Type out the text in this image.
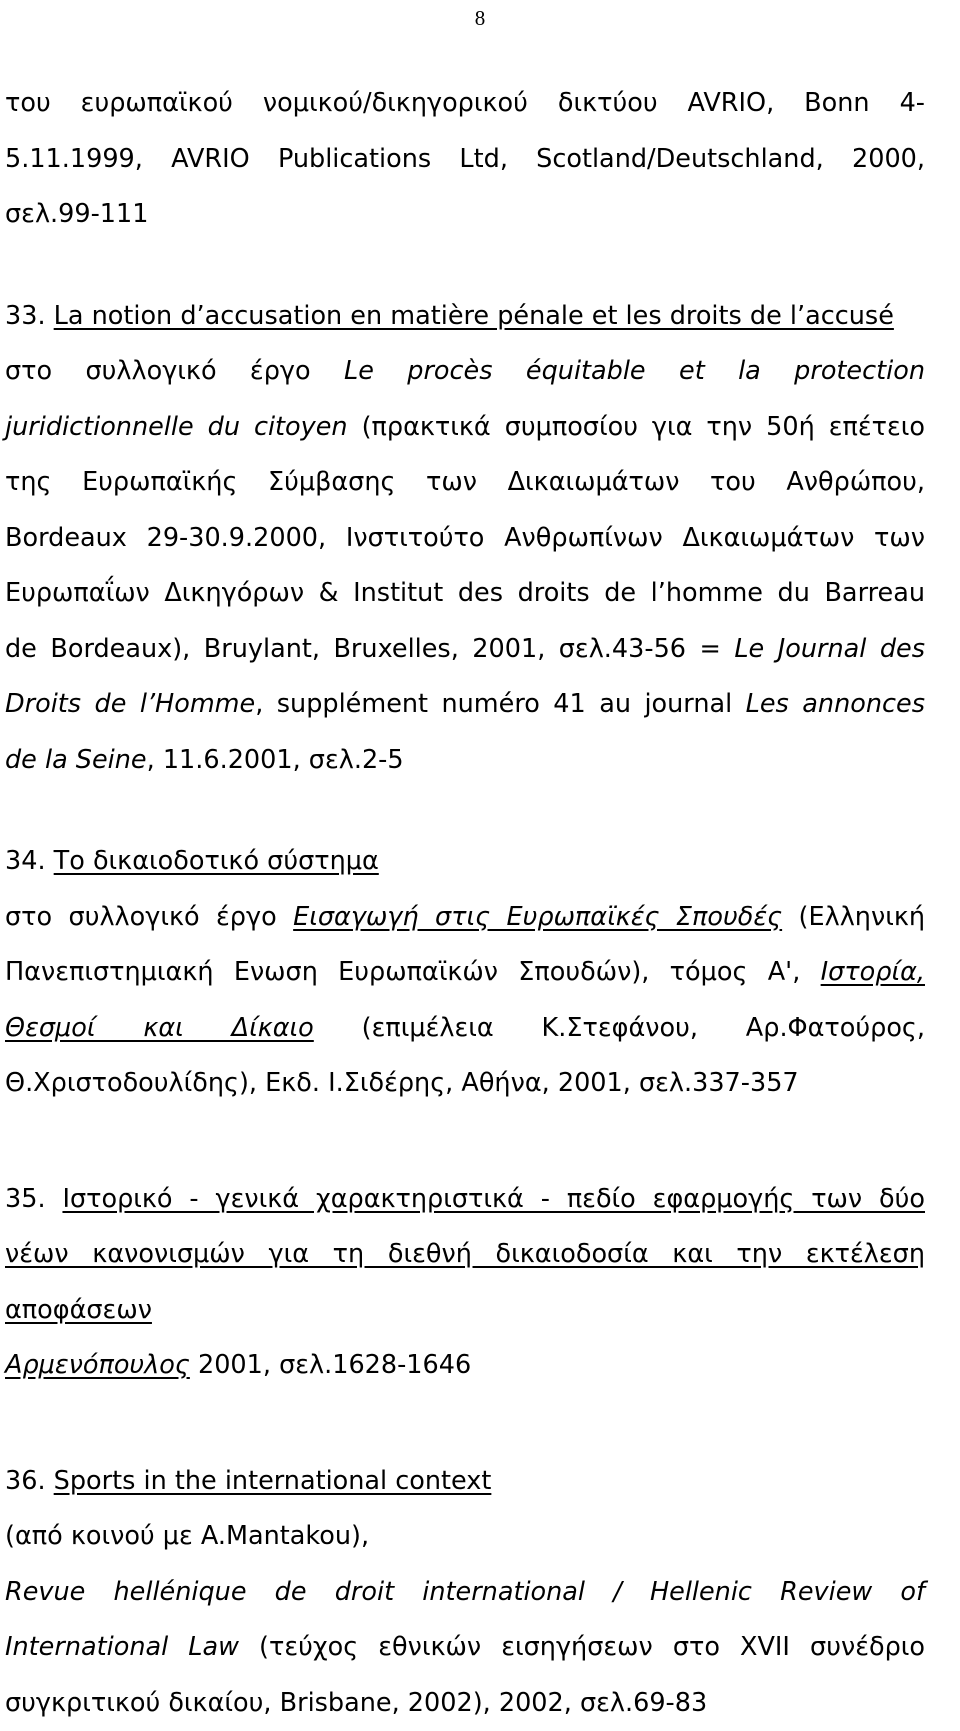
8
του ευρωπαϊκού νομικού/δικηγορικού δικτύου AVRIO, Bonn 4-
5.11.1999, AVRIO Publications Ltd, Scotland/Deutschland, 2000,
σελ.99-111
33. La notion d’accusation en matière pénale et les droits de l’accusé
στο συλλογικό έργο Le procès équitable et la protection
juridictionnelle du citoyen (πρακτικά συμποσίου για την 50ή επέτειο
της Ευρωπαϊκής Σύμβασης των Δικαιωμάτων του Ανθρώπου,
Bordeaux 29-30.9.2000, Ινστιτούτο Ανθρωπίνων Δικαιωμάτων των
Ευρωπαΐων Δικηγόρων & Institut des droits de l’homme du Barreau
de Bordeaux), Bruylant, Bruxelles, 2001, σελ.43-56 = Le Journal des
Droits de l’Homme, supplément numéro 41 au journal Les annonces
de la Seine, 11.6.2001, σελ.2-5
34. Το δικαιοδοτικό σύστημα
στο συλλογικό έργο Εισαγωγή στις Ευρωπαϊκές Σπουδές (Ελληνική
Πανεπιστημιακή Ενωση Ευρωπαϊκών Σπουδών), τόμος Α', Ιστορία,
Θεσμοί και Δίκαιο (επιμέλεια Κ.Στεφάνου, Αρ.Φατούρος,
Θ.Χριστοδουλίδης), Εκδ. Ι.Σιδέρης, Αθήνα, 2001, σελ.337-357
35. Ιστορικό - γενικά χαρακτηριστικά - πεδίο εφαρμογής των δύο
νέων κανονισμών για τη διεθνή δικαιοδοσία και την εκτέλεση
αποφάσεων
Αρμενόπουλος 2001, σελ.1628-1646
36. Sports in the international context
(από κοινού με A.Mantakou),
Revue hellénique de droit international / Hellenic Review of
International Law (τεύχος εθνικών εισηγήσεων στο XVII συνέδριο
συγκριτικού δικαίου, Brisbane, 2002), 2002, σελ.69-83
